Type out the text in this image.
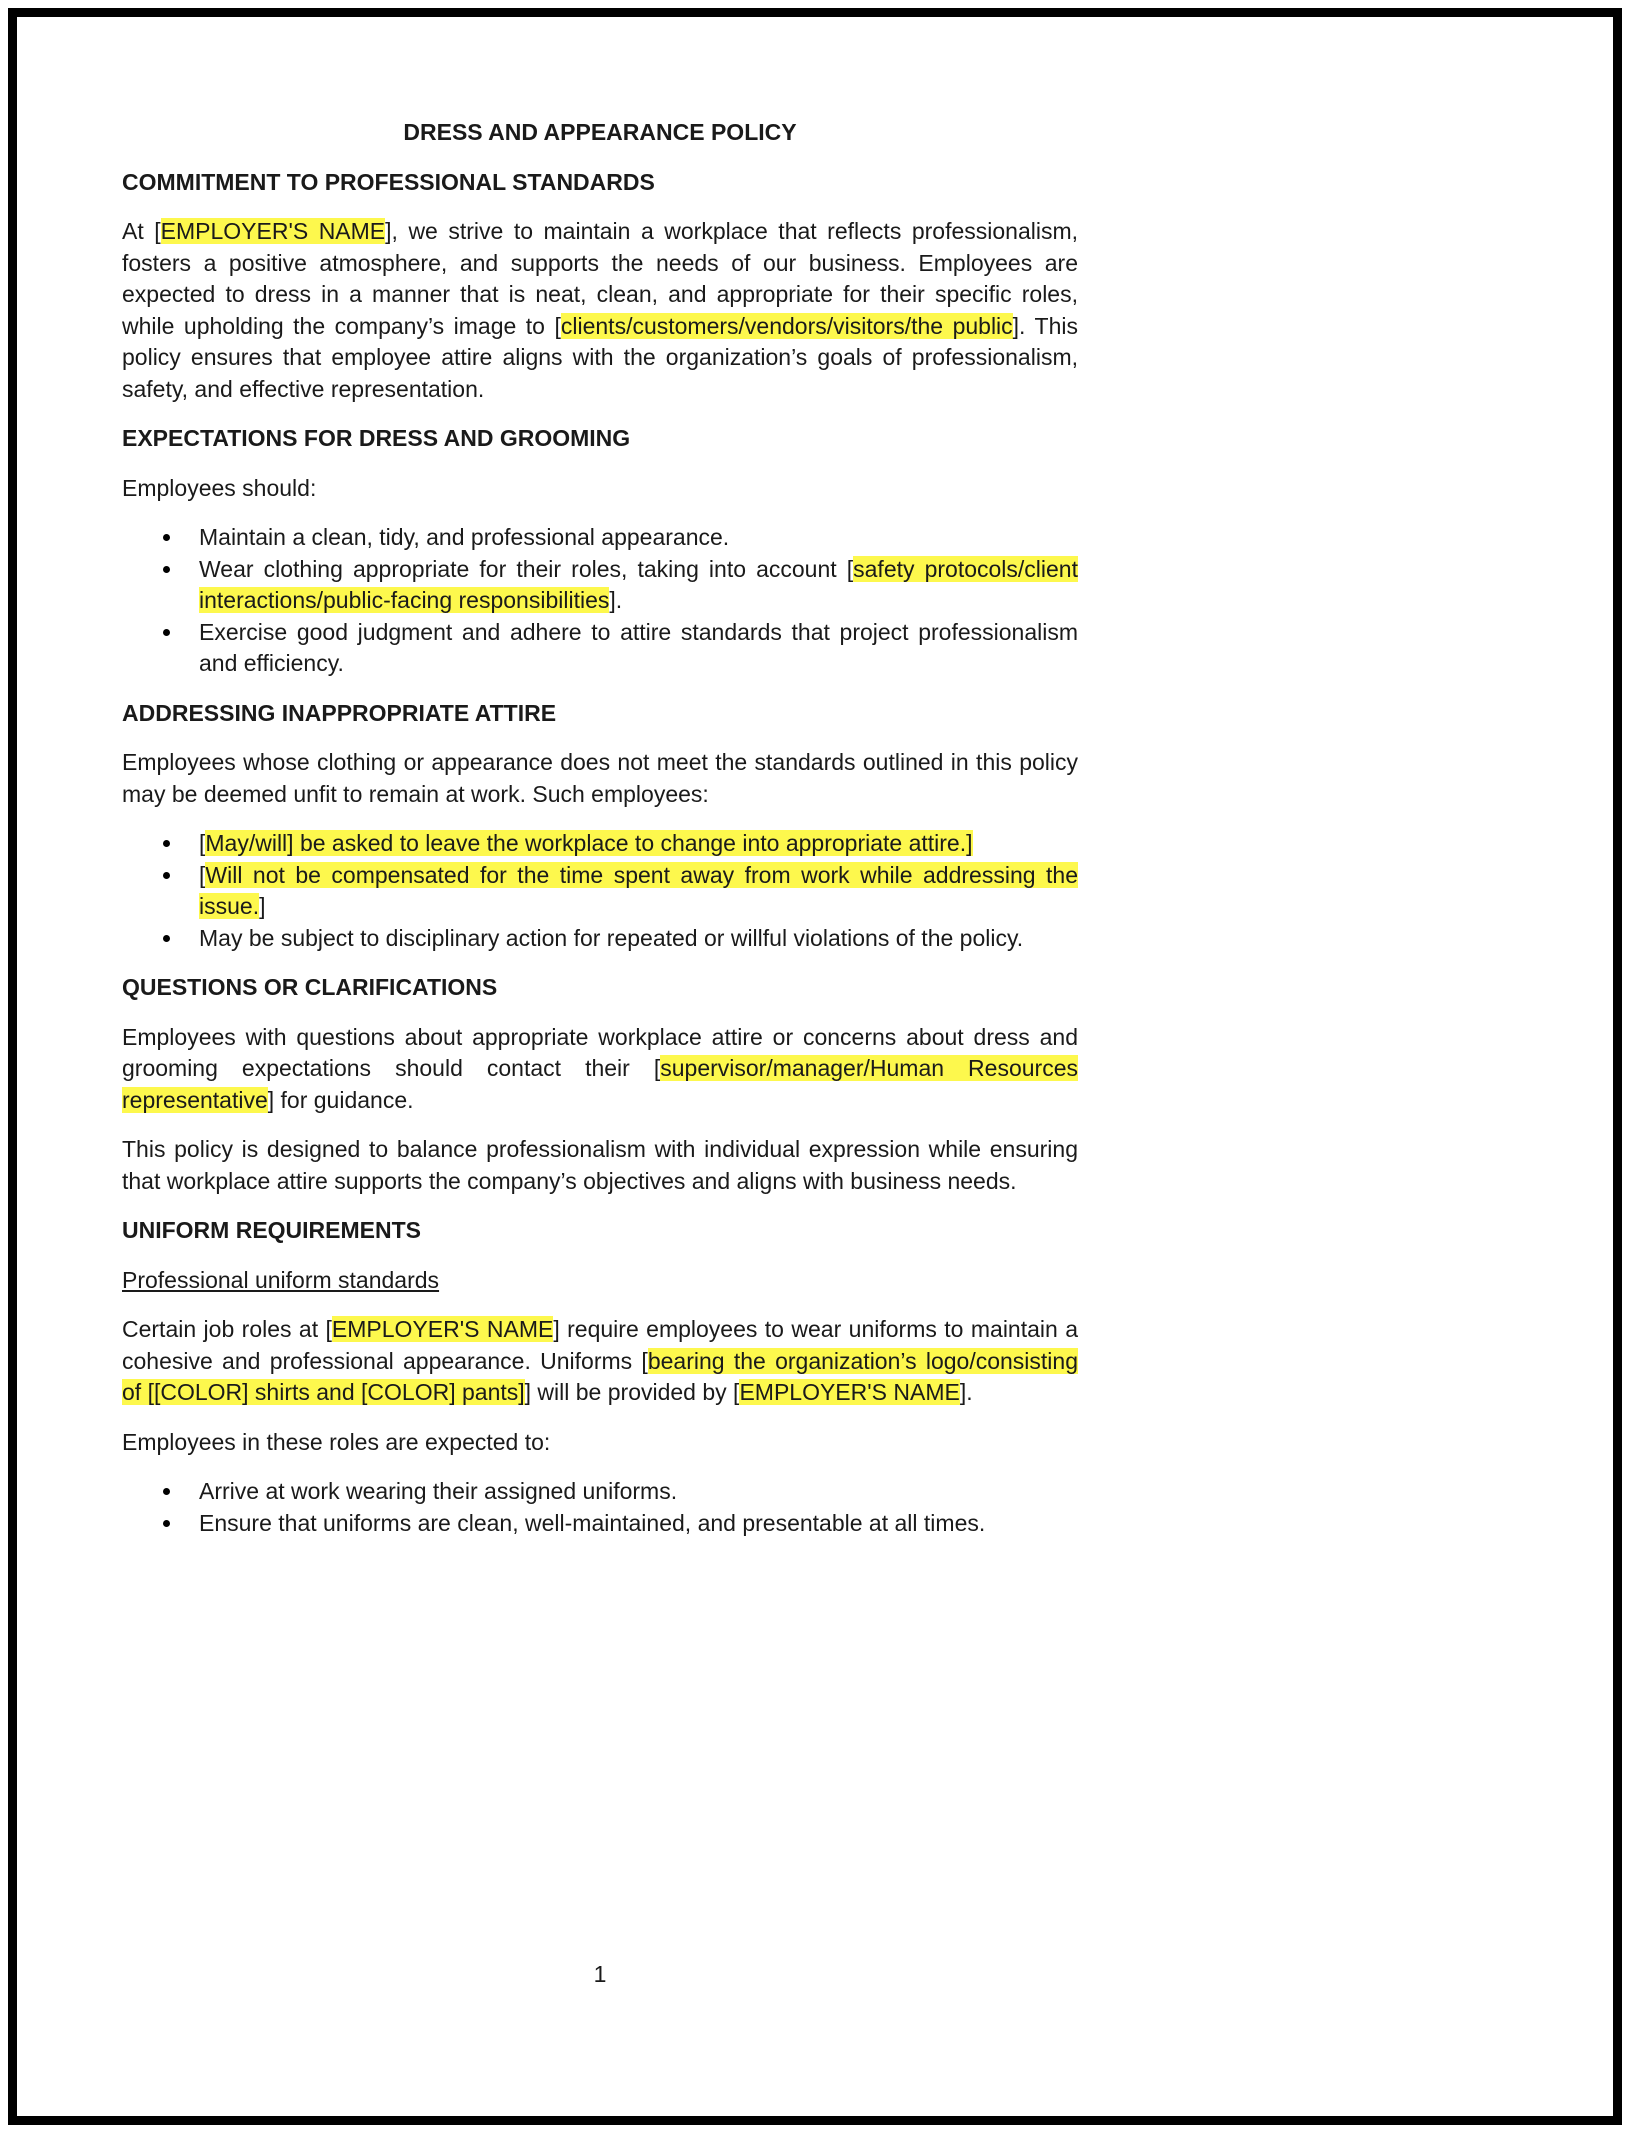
DRESS AND APPEARANCE POLICY
COMMITMENT TO PROFESSIONAL STANDARDS

At [EMPLOYER'S NAME], we strive to maintain a workplace that reflects professionalism, fosters a positive atmosphere, and supports the needs of our business. Employees are expected to dress in a manner that is neat, clean, and appropriate for their specific roles, while upholding the company’s image to [clients/customers/vendors/visitors/the public]. This policy ensures that employee attire aligns with the organization’s goals of professionalism, safety, and effective representation.

EXPECTATIONS FOR DRESS AND GROOMING

Employees should:

Maintain a clean, tidy, and professional appearance.
Wear clothing appropriate for their roles, taking into account [safety protocols/client interactions/public-facing responsibilities].
Exercise good judgment and adhere to attire standards that project professionalism and efficiency.
ADDRESSING INAPPROPRIATE ATTIRE

Employees whose clothing or appearance does not meet the standards outlined in this policy may be deemed unfit to remain at work. Such employees:

[May/will] be asked to leave the workplace to change into appropriate attire.]
[Will not be compensated for the time spent away from work while addressing the issue.]
May be subject to disciplinary action for repeated or willful violations of the policy.
QUESTIONS OR CLARIFICATIONS

Employees with questions about appropriate workplace attire or concerns about dress and grooming expectations should contact their [supervisor/manager/Human Resources representative] for guidance.

This policy is designed to balance professionalism with individual expression while ensuring that workplace attire supports the company’s objectives and aligns with business needs.

UNIFORM REQUIREMENTS

Professional uniform standards

Certain job roles at [EMPLOYER'S NAME] require employees to wear uniforms to maintain a cohesive and professional appearance. Uniforms [bearing the organization’s logo/consisting of [[COLOR] shirts and [COLOR] pants]] will be provided by [EMPLOYER'S NAME].

Employees in these roles are expected to:

Arrive at work wearing their assigned uniforms.
Ensure that uniforms are clean, well-maintained, and presentable at all times.
1
